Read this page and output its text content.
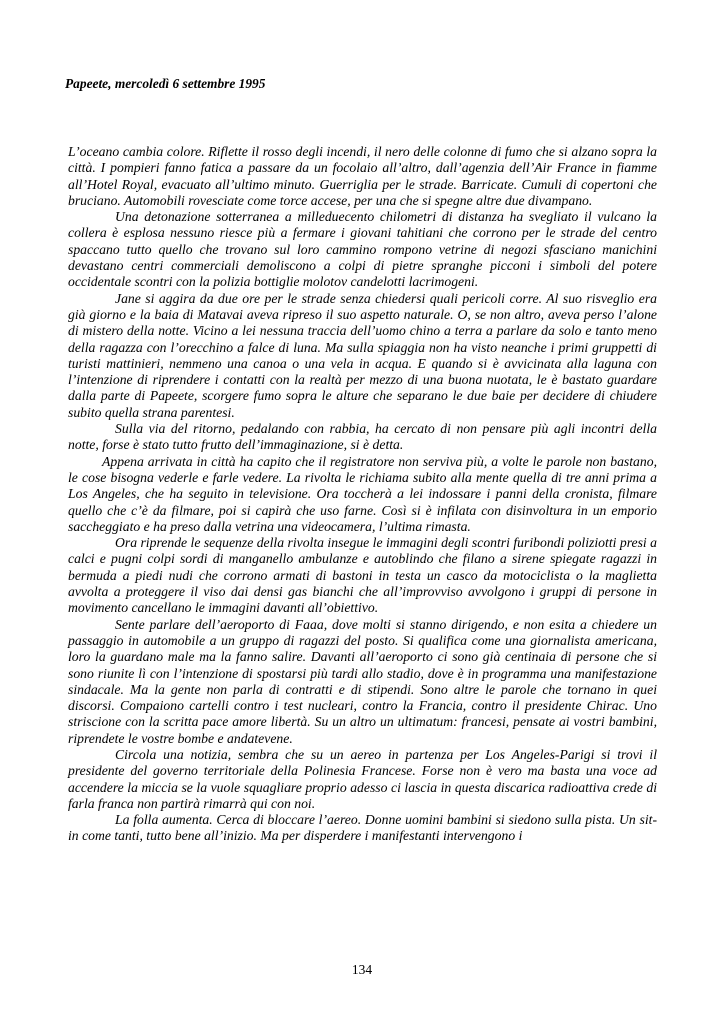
Papeete, mercoledì 6 settembre 1995

L’oceano cambia colore. Riflette il rosso degli incendi, il nero delle colonne di fumo che si alzano sopra la città. I pompieri fanno fatica a passare da un focolaio all’altro, dall’agenzia dell’Air France in fiamme all’Hotel Royal, evacuato all’ultimo minuto. Guerriglia per le strade. Barricate. Cumuli di copertoni che bruciano. Automobili rovesciate come torce accese, per una che si spegne altre due divampano.

Una detonazione sotterranea a milleduecento chilometri di distanza ha svegliato il vulcano la collera è esplosa nessuno riesce più a fermare i giovani tahitiani che corrono per le strade del centro spaccano tutto quello che trovano sul loro cammino rompono vetrine di negozi sfasciano manichini devastano centri commerciali demoliscono a colpi di pietre spranghe picconi i simboli del potere occidentale scontri con la polizia bottiglie molotov candelotti lacrimogeni.

Jane si aggira da due ore per le strade senza chiedersi quali pericoli corre. Al suo risveglio era già giorno e la baia di Matavai aveva ripreso il suo aspetto naturale. O, se non altro, aveva perso l’alone di mistero della notte. Vicino a lei nessuna traccia dell’uomo chino a terra a parlare da solo e tanto meno della ragazza con l’orecchino a falce di luna. Ma sulla spiaggia non ha visto neanche i primi gruppetti di turisti mattinieri, nemmeno una canoa o una vela in acqua. E quando si è avvicinata alla laguna con l’intenzione di riprendere i contatti con la realtà per mezzo di una buona nuotata, le è bastato guardare dalla parte di Papeete, scorgere fumo sopra le alture che separano le due baie per decidere di chiudere subito quella strana parentesi.

Sulla via del ritorno, pedalando con rabbia, ha cercato di non pensare più agli incontri della notte, forse è stato tutto frutto dell’immaginazione, si è detta.

Appena arrivata in città ha capito che il registratore non serviva più, a volte le parole non bastano, le cose bisogna vederle e farle vedere. La rivolta le richiama subito alla mente quella di tre anni prima a Los Angeles, che ha seguito in televisione. Ora toccherà a lei indossare i panni della cronista, filmare quello che c’è da filmare, poi si capirà che uso farne. Così si è infilata con disinvoltura in un emporio saccheggiato e ha preso dalla vetrina una videocamera, l’ultima rimasta.

Ora riprende le sequenze della rivolta insegue le immagini degli scontri furibondi poliziotti presi a calci e pugni colpi sordi di manganello ambulanze e autoblindo che filano a sirene spiegate ragazzi in bermuda a piedi nudi che corrono armati di bastoni in testa un casco da motociclista o la maglietta avvolta a proteggere il viso dai densi gas bianchi che all’improvviso avvolgono i gruppi di persone in movimento cancellano le immagini davanti all’obiettivo.

Sente parlare dell’aeroporto di Faaa, dove molti si stanno dirigendo, e non esita a chiedere un passaggio in automobile a un gruppo di ragazzi del posto. Si qualifica come una giornalista americana, loro la guardano male ma la fanno salire. Davanti all’aeroporto ci sono già centinaia di persone che si sono riunite lì con l’intenzione di spostarsi più tardi allo stadio, dove è in programma una manifestazione sindacale. Ma la gente non parla di contratti e di stipendi. Sono altre le parole che tornano in quei discorsi. Compaiono cartelli contro i test nucleari, contro la Francia, contro il presidente Chirac. Uno striscione con la scritta pace amore libertà. Su un altro un ultimatum: francesi, pensate ai vostri bambini, riprendete le vostre bombe e andatevene.

Circola una notizia, sembra che su un aereo in partenza per Los Angeles-Parigi si trovi il presidente del governo territoriale della Polinesia Francese. Forse non è vero ma basta una voce ad accendere la miccia se la vuole squagliare proprio adesso ci lascia in questa discarica radioattiva crede di farla franca non partirà rimarrà qui con noi.

La folla aumenta. Cerca di bloccare l’aereo. Donne uomini bambini si siedono sulla pista. Un sit-in come tanti, tutto bene all’inizio. Ma per disperdere i manifestanti intervengono i

134
